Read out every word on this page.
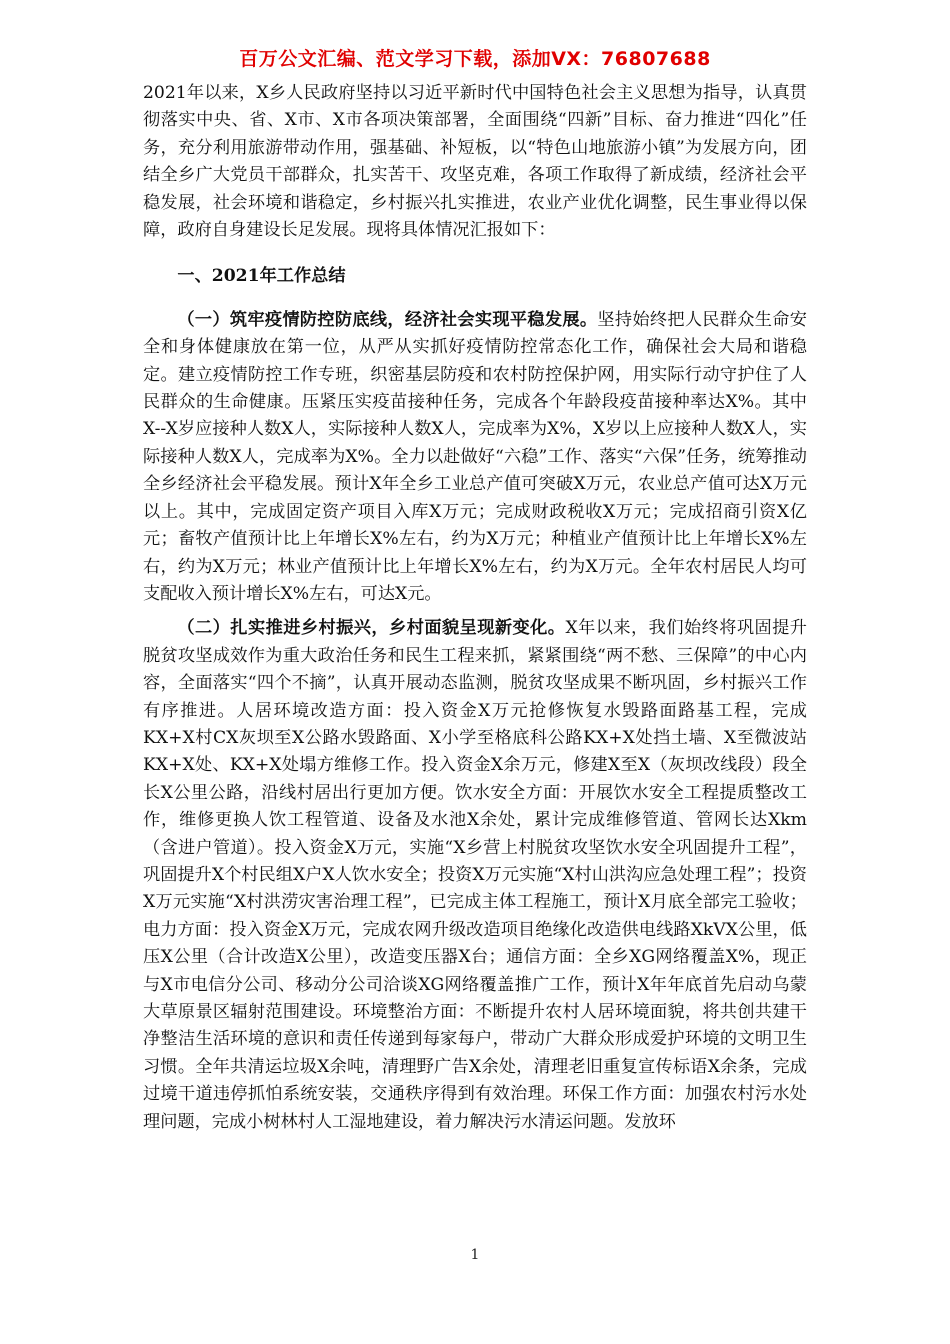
百万公文汇编、范文学习下载，添加VX：76807688

2021年以来，X乡人民政府坚持以习近平新时代中国特色社会主义思想为指导，认真贯彻落实中央、省、X市、X市各项决策部署，全面围绕“四新”目标、奋力推进“四化”任务，充分利用旅游带动作用，强基础、补短板，以“特色山地旅游小镇”为发展方向，团结全乡广大党员干部群众，扎实苦干、攻坚克难，各项工作取得了新成绩，经济社会平稳发展，社会环境和谐稳定，乡村振兴扎实推进，农业产业优化调整，民生事业得以保障，政府自身建设长足发展。现将具体情况汇报如下：

一、2021年工作总结

（一）筑牢疫情防控防底线，经济社会实现平稳发展。坚持始终把人民群众生命安全和身体健康放在第一位，从严从实抓好疫情防控常态化工作，确保社会大局和谐稳定。建立疫情防控工作专班，织密基层防疫和农村防控保护网，用实际行动守护住了人民群众的生命健康。压紧压实疫苗接种任务，完成各个年龄段疫苗接种率达X%。其中X--X岁应接种人数X人，实际接种人数X人，完成率为X%，X岁以上应接种人数X人，实际接种人数X人，完成率为X%。全力以赴做好“六稳”工作、落实“六保”任务，统筹推动全乡经济社会平稳发展。预计X年全乡工业总产值可突破X万元，农业总产值可达X万元以上。其中，完成固定资产项目入库X万元；完成财政税收X万元；完成招商引资X亿元；畜牧产值预计比上年增长X%左右，约为X万元；种植业产值预计比上年增长X%左右，约为X万元；林业产值预计比上年增长X%左右，约为X万元。全年农村居民人均可支配收入预计增长X%左右，可达X元。

（二）扎实推进乡村振兴，乡村面貌呈现新变化。X年以来，我们始终将巩固提升脱贫攻坚成效作为重大政治任务和民生工程来抓，紧紧围绕“两不愁、三保障”的中心内容，全面落实“四个不摘”，认真开展动态监测，脱贫攻坚成果不断巩固，乡村振兴工作有序推进。人居环境改造方面：投入资金X万元抢修恢复水毁路面路基工程，完成KX+X村CX灰坝至X公路水毁路面、X小学至格底科公路KX+X处挡土墙、X至微波站KX+X处、KX+X处塌方维修工作。投入资金X余万元，修建X至X（灰坝改线段）段全长X公里公路，沿线村居出行更加方便。饮水安全方面：开展饮水安全工程提质整改工作，维修更换人饮工程管道、设备及水池X余处，累计完成维修管道、管网长达Xkm（含进户管道）。投入资金X万元，实施“X乡营上村脱贫攻坚饮水安全巩固提升工程”，巩固提升X个村民组X户X人饮水安全；投资X万元实施“X村山洪沟应急处理工程”；投资X万元实施“X村洪涝灾害治理工程”，已完成主体工程施工，预计X月底全部完工验收；电力方面：投入资金X万元，完成农网升级改造项目绝缘化改造供电线路XkVX公里，低压X公里（合计改造X公里），改造变压器X台；通信方面：全乡XG网络覆盖X%，现正与X市电信分公司、移动分公司洽谈XG网络覆盖推广工作，预计X年年底首先启动乌蒙大草原景区辐射范围建设。环境整治方面：不断提升农村人居环境面貌，将共创共建干净整洁生活环境的意识和责任传递到每家每户，带动广大群众形成爱护环境的文明卫生习惯。全年共清运垃圾X余吨，清理野广告X余处，清理老旧重复宣传标语X余条，完成过境干道违停抓怕系统安装，交通秩序得到有效治理。环保工作方面：加强农村污水处理问题，完成小树林村人工湿地建设，着力解决污水清运问题。发放环

1
